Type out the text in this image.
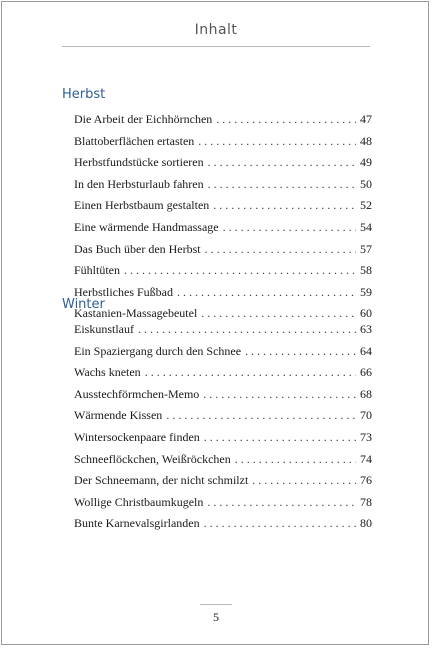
Inhalt
Herbst
Die Arbeit der Eichhörnchen . . .	47
Blattoberflächen ertasten . . .	48
Herbstfundstücke sortieren . . .	49
In den Herbsturlaub fahren . . .	50
Einen Herbstbaum gestalten . . .	52
Eine wärmende Handmassage . . .	54
Das Buch über den Herbst . . .	57
Fühltüten . . .	58
Herbstliches Fußbad . . .	59
Kastanien-Massagebeutel . . .	60
Winter
Eiskunstlauf . . .	63
Ein Spaziergang durch den Schnee . . .	64
Wachs kneten . . .	66
Ausstechförmchen-Memo . . .	68
Wärmende Kissen . . .	70
Wintersockenpaare finden . . .	73
Schneeflöckchen, Weißröckchen . . .	74
Der Schneemann, der nicht schmilzt . . .	76
Wollige Christbaumkugeln . . .	78
Bunte Karnevalsgirlanden . . .	80
5
